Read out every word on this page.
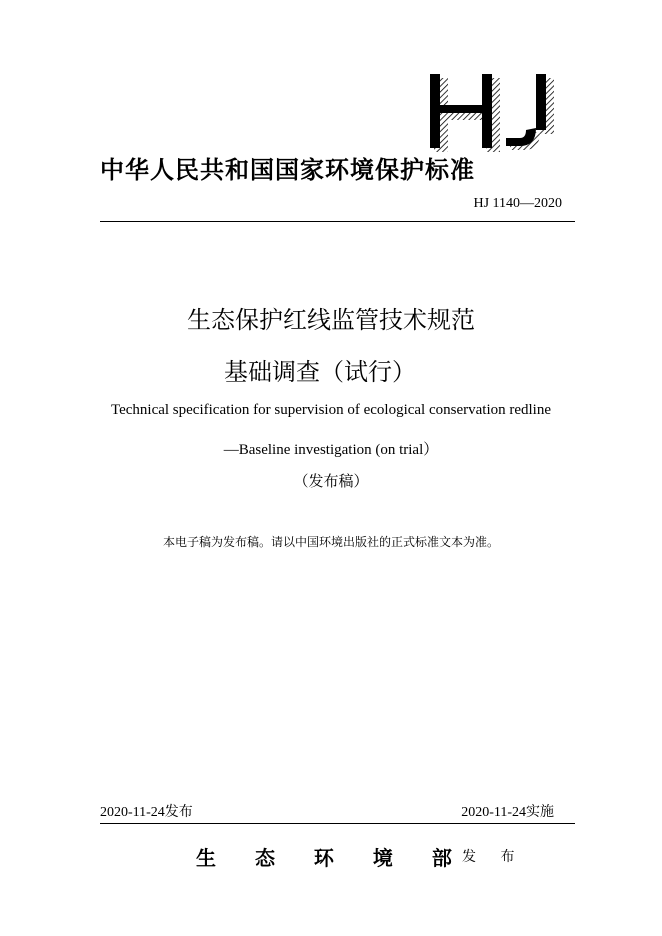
中华人民共和国国家环境保护标准
HJ 1140—2020
生态保护红线监管技术规范
基础调查（试行）
Technical specification for supervision of ecological conservation redline
—Baseline investigation (on trial）
（发布稿）
本电子稿为发布稿。请以中国环境出版社的正式标准文本为准。
2020-11-24发布	2020-11-24实施
生 态 环 境 部
发 布
